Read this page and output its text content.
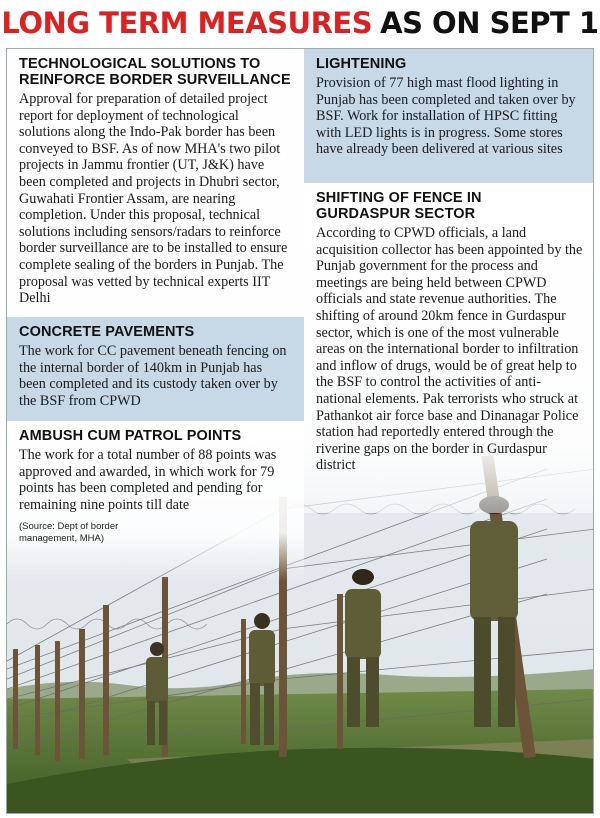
LONG TERM MEASURES AS ON SEPT 1
TECHNOLOGICAL SOLUTIONS TO
REINFORCE BORDER SURVEILLANCE

Approval for preparation of detailed project report for deployment of technological solutions along the Indo-Pak border has been conveyed to BSF. As of now MHA's two pilot projects in Jammu frontier (UT, J&K) have been completed and projects in Dhubri sector, Guwahati Frontier Assam, are nearing completion. Under this proposal, technical solutions including sensors/radars to reinforce border surveillance are to be installed to ensure complete sealing of the borders in Punjab. The proposal was vetted by technical experts IIT Delhi

CONCRETE PAVEMENTS

The work for CC pavement beneath fencing on the internal border of 140km in Punjab has been completed and its custody taken over by the BSF from CPWD

AMBUSH CUM PATROL POINTS

The work for a total number of 88 points was approved and awarded, in which work for 79 points has been completed and pending for remaining nine points till date

(Source: Dept of border
management, MHA)
LIGHTENING

Provision of 77 high mast flood lighting in Punjab has been completed and taken over by BSF. Work for installation of HPSC fitting with LED lights is in progress. Some stores have already been delivered at various sites

SHIFTING OF FENCE IN
GURDASPUR SECTOR

According to CPWD officials, a land acquisition collector has been appointed by the Punjab government for the process and meetings are being held between CPWD officials and state revenue authorities. The shifting of around 20km fence in Gurdaspur sector, which is one of the most vulnerable areas on the international border to infiltration and inflow of drugs, would be of great help to the BSF to control the activities of anti-national elements. Pak terrorists who struck at Pathankot air force base and Dinanagar Police station had reportedly entered through the riverine gaps on the border in Gurdaspur district
